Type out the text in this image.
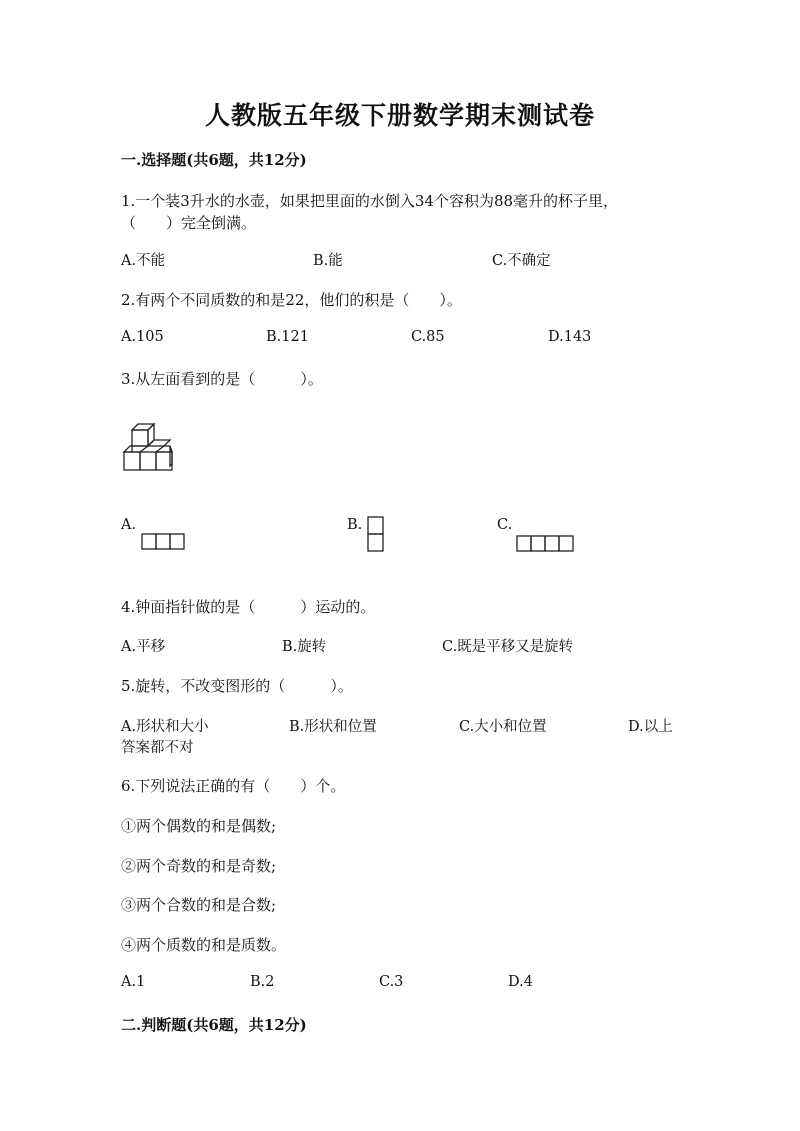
人教版五年级下册数学期末测试卷
一.选择题(共6题，共12分)
1.一个装3升水的水壶，如果把里面的水倒入34个容积为88毫升的杯子里，
（　　）完全倒满。
A.不能	B.能	C.不确定
2.有两个不同质数的和是22，他们的积是（　　）。
A.105	B.121	C.85	D.143
3.从左面看到的是（　　　）。
A.	B.	C.
4.钟面指针做的是（　　　）运动的。
A.平移	B.旋转	C.既是平移又是旋转
5.旋转，不改变图形的（　　　）。
A.形状和大小	B.形状和位置	C.大小和位置	D.以上
答案都不对
6.下列说法正确的有（　　）个。
①两个偶数的和是偶数;
②两个奇数的和是奇数;
③两个合数的和是合数;
④两个质数的和是质数。
A.1	B.2	C.3	D.4
二.判断题(共6题，共12分)
